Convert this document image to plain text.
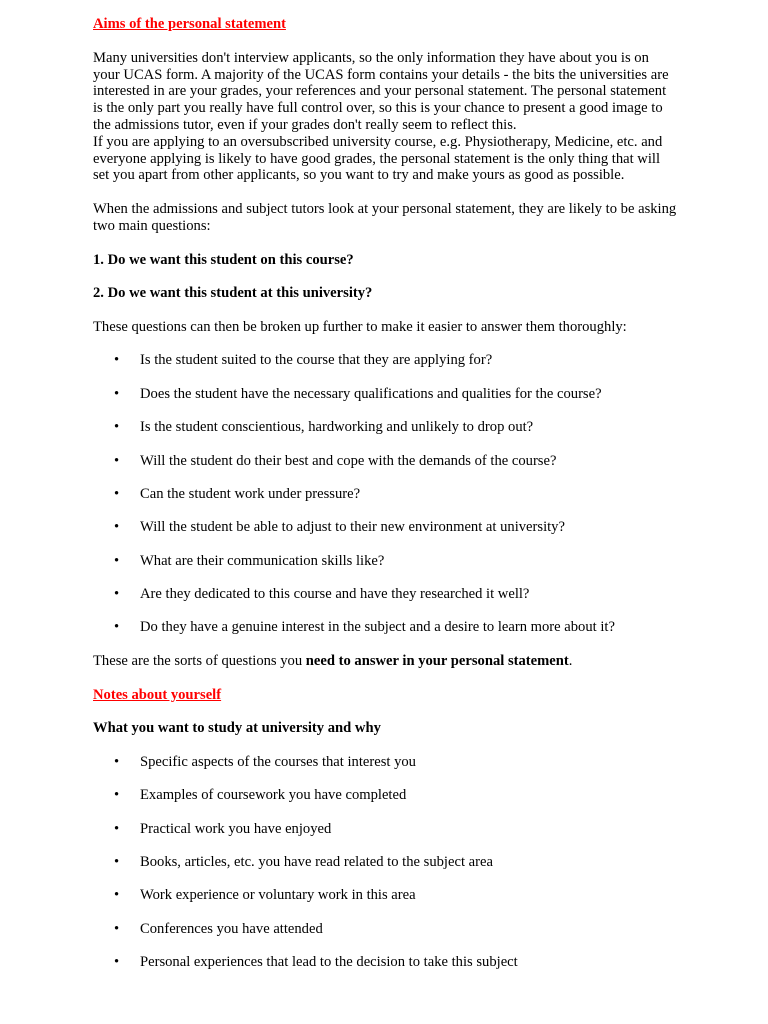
Aims of the personal statement
Many universities don't interview applicants, so the only information they have about you is on your UCAS form. A majority of the UCAS form contains your details - the bits the universities are interested in are your grades, your references and your personal statement. The personal statement is the only part you really have full control over, so this is your chance to present a good image to the admissions tutor, even if your grades don't really seem to reflect this.
If you are applying to an oversubscribed university course, e.g. Physiotherapy, Medicine, etc. and everyone applying is likely to have good grades, the personal statement is the only thing that will set you apart from other applicants, so you want to try and make yours as good as possible.
When the admissions and subject tutors look at your personal statement, they are likely to be asking two main questions:
1. Do we want this student on this course?
2. Do we want this student at this university?
These questions can then be broken up further to make it easier to answer them thoroughly:
• Is the student suited to the course that they are applying for?
• Does the student have the necessary qualifications and qualities for the course?
• Is the student conscientious, hardworking and unlikely to drop out?
• Will the student do their best and cope with the demands of the course?
• Can the student work under pressure?
• Will the student be able to adjust to their new environment at university?
• What are their communication skills like?
• Are they dedicated to this course and have they researched it well?
• Do they have a genuine interest in the subject and a desire to learn more about it?
These are the sorts of questions you need to answer in your personal statement.
Notes about yourself
What you want to study at university and why
• Specific aspects of the courses that interest you
• Examples of coursework you have completed
• Practical work you have enjoyed
• Books, articles, etc. you have read related to the subject area
• Work experience or voluntary work in this area
• Conferences you have attended
• Personal experiences that lead to the decision to take this subject
